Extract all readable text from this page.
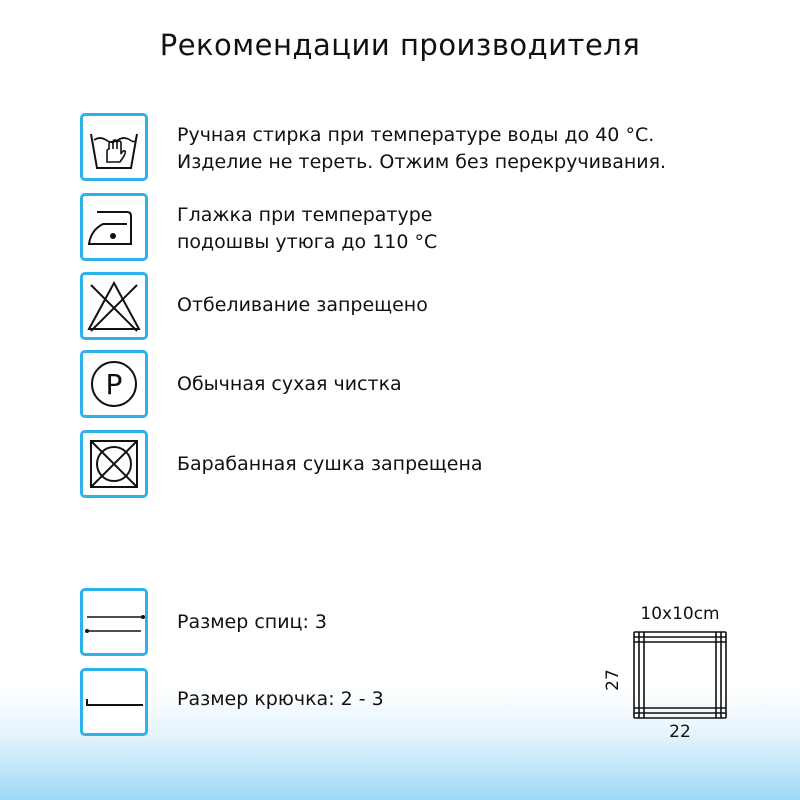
Рекомендации производителя
Ручная стирка при температуре воды до 40 °С.
Изделие не тереть. Отжим без перекручивания.
Глажка при температуре
подошвы утюга до 110 °С
Отбеливание запрещено
P	Обычная сухая чистка
Барабанная сушка запрещена
Размер спиц: 3
Размер крючка: 2 - 3
10x10cm
27
22
